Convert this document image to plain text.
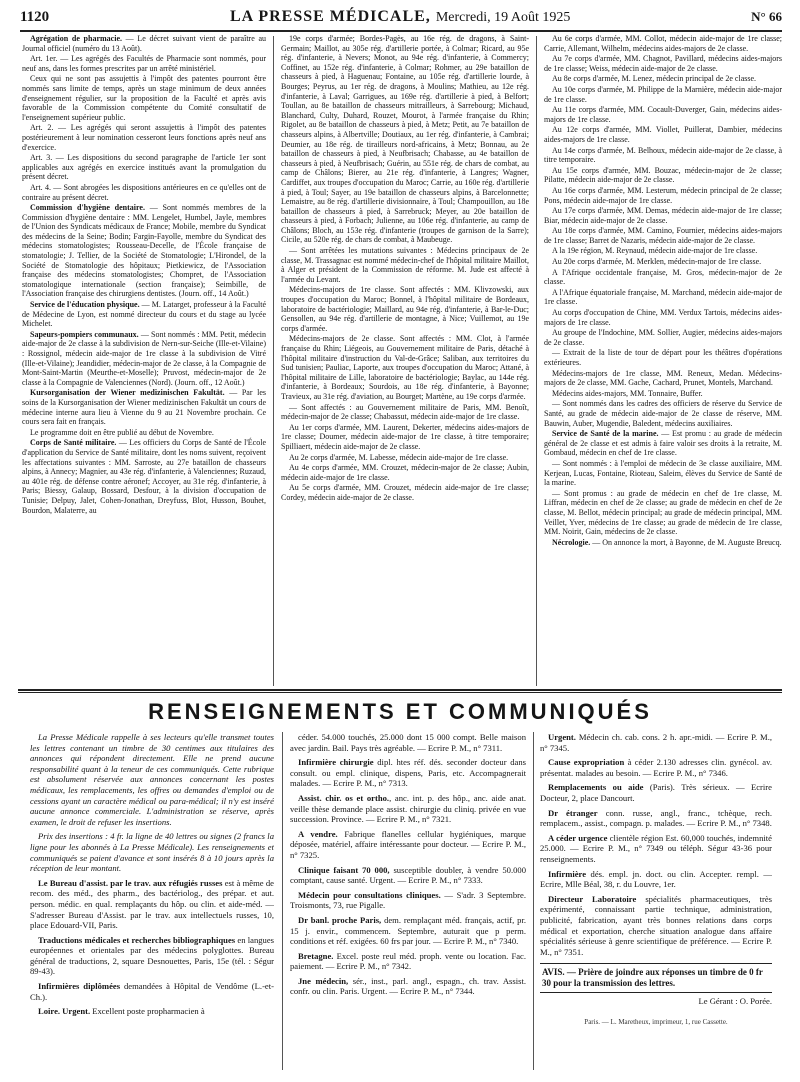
1120	LA PRESSE MÉDICALE, Mercredi, 19 Août 1925	N° 66

Agrégation de pharmacie. — Le décret suivant vient de paraître au Journal officiel (numéro du 13 Août).

Art. 1er. — Les agrégés des Facultés de Pharmacie sont nommés, pour neuf ans, dans les formes prescrites par un arrêté ministériel.

Ceux qui ne sont pas assujettis à l'impôt des patentes pourront être nommés sans limite de temps, après un stage minimum de deux années d'enseignement régulier, sur la proposition de la Faculté et après avis favorable de la Commission compétente du Comité consultatif de l'enseignement supérieur public.

Art. 2. — Les agrégés qui seront assujettis à l'impôt des patentes postérieurement à leur nomination cesseront leurs fonctions après neuf ans d'exercice.

Art. 3. — Les dispositions du second paragraphe de l'article 1er sont applicables aux agrégés en exercice institués avant la promulgation du présent décret.

Art. 4. — Sont abrogées les dispositions antérieures en ce qu'elles ont de contraire au présent décret.

Commission d'hygiène dentaire. — Sont nommés membres de la Commission d'hygiène dentaire : MM. Lengelet, Humbel, Jayle, membres de l'Union des Syndicats médicaux de France; Mobile, membre du Syndicat des médecins de la Seine; Bodin; Fargin-Fayolle, membre du Syndicat des médecins stomatologistes; Rousseau-Decelle, de l'École française de stomatologie; J. Tellier, de la Société de Stomatologie; L'Hirondel, de la Société de Stomatologie des hôpitaux; Pietkiewicz, de l'Association française des médecins stomatologistes; Chompret, de l'Association stomatologique internationale (section française); Seimbille, de l'Association française des chirurgiens dentistes. (Journ. off., 14 Août.)

Service de l'éducation physique. — M. Latarget, professeur à la Faculté de Médecine de Lyon, est nommé directeur du cours et du stage au lycée Michelet.

Sapeurs-pompiers communaux. — Sont nommés : MM. Petit, médecin aide-major de 2e classe à la subdivision de Nern-sur-Seiche (Ille-et-Vilaine) : Rossignol, médecin aide-major de 1re classe à la subdivision de Vitré (Ille-et-Vilaine); Jeandidier, médecin-major de 2e classe, à la Compagnie de Mont-Saint-Martin (Meurthe-et-Moselle); Pruvost, médecin-major de 2e classe à la Compagnie de Valenciennes (Nord). (Journ. off., 12 Août.)

Kursorganisation der Wiener medizinischen Fakultät. — Par les soins de la Kursorganisation der Wiener medizinischen Fakultät un cours de médecine interne aura lieu à Vienne du 9 au 21 Novembre prochain. Ce cours sera fait en français.

Le programme doit en être publié au début de Novembre.

Corps de Santé militaire. — Les officiers du Corps de Santé de l'École d'application du Service de Santé militaire, dont les noms suivent, reçoivent les affectations suivantes : MM. Sarroste, au 27e bataillon de chasseurs alpins, à Annecy; Magnier, au 43e rég. d'infanterie, à Valenciennes; Ruzaud, au 401e rég. de défense contre aéronef; Accoyer, au 31e rég. d'infanterie, à Paris; Biessy, Galaup, Bossard, Desfour, à la division d'occupation de Tunisie; Delpuy, Jalet, Cohen-Jonathan, Dreyfuss, Blot, Husson, Bouhet, Bourdon, Malaterre, au

19e corps d'armée; Bordes-Pagès, au 16e rég. de dragons, à Saint-Germain; Maillot, au 305e rég. d'artillerie portée, à Colmar; Ricard, au 95e rég. d'infanterie, à Nevers; Monot, au 94e rég. d'infanterie, à Commercy; Coffinet, au 152e rég. d'infanterie, à Colmar; Rohmer, au 29e bataillon de chasseurs à pied, à Haguenau; Fontaine, au 105e rég. d'artillerie lourde, à Bourges; Peyrus, au 1er rég. de dragons, à Moulins; Mathieu, au 12e rég. d'infanterie, à Laval; Garrigues, au 169e rég. d'artillerie à pied, à Belfort; Toullan, au 8e bataillon de chasseurs mitrailleurs, à Sarrebourg; Michaud, Blanchard, Culty, Duhard, Rouzet, Mourot, à l'armée française du Rhin; Rigolet, au 8e bataillon de chasseurs à pied, à Metz; Petit, au 7e bataillon de chasseurs alpins, à Albertville; Doutiaux, au 1er rég. d'infanterie, à Cambrai; Deumier, au 18e rég. de tirailleurs nord-africains, à Metz; Bonnau, au 2e bataillon de chasseurs à pied, à Neufbrisach; Chabasse, au 4e bataillon de chasseurs à pied, à Neufbrisach; Guérin, au 551e rég. de chars de combat, au camp de Châlons; Bierer, au 21e rég. d'infanterie, à Langres; Wagner, Cardiffet, aux troupes d'occupation du Maroc; Carrie, au 160e rég. d'artillerie à pied, à Toul; Sayer, au 19e bataillon de chasseurs alpins, à Barcelonnette; Lemaistre, au 8e rég. d'artillerie divisionnaire, à Toul; Champouillon, au 18e bataillon de chasseurs à pied, à Sarrebruck; Meyer, au 20e bataillon de chasseurs à pied, à Forbach; Julienne, au 106e rég. d'infanterie, au camp de Châlons; Bloch, au 153e rég. d'infanterie (troupes de garnison de la Sarre); Cicile, au 520e rég. de chars de combat, à Maubeuge.

— Sont arrêtées les mutations suivantes : Médecins principaux de 2e classe, M. Trassagnac est nommé médecin-chef de l'hôpital militaire Maillot, à Alger et président de la Commission de réforme. M. Jude est affecté à l'armée du Levant.

Médecins-majors de 1re classe. Sont affectés : MM. Klivzowski, aux troupes d'occupation du Maroc; Bonnel, à l'hôpital militaire de Bordeaux, laboratoire de bactériologie; Maillard, au 94e rég. d'infanterie, à Bar-le-Duc; Gensollen, au 94e rég. d'artillerie de montagne, à Nice; Vuillemot, au 19e corps d'armée.

Médecins-majors de 2e classe. Sont affectés : MM. Clot, à l'armée française du Rhin; Liégeois, au Gouvernement militaire de Paris, détaché à l'hôpital militaire d'instruction du Val-de-Grâce; Saliban, aux territoires du Sud tunisien; Pauliac, Laporte, aux troupes d'occupation du Maroc; Attané, à l'hôpital militaire de Lille, laboratoire de bactériologie; Baylac, au 144e rég. d'infanterie, à Bordeaux; Sourdois, au 18e rég. d'infanterie, à Bayonne; Travieux, au 31e rég. d'aviation, au Bourget; Martène, au 19e corps d'armée.

— Sont affectés : au Gouvernement militaire de Paris, MM. Benoît, médecin-major de 2e classe; Chabassut, médecin aide-major de 1re classe.

Au 1er corps d'armée, MM. Laurent, Dekerter, médecins aides-majors de 1re classe; Doumer, médecin aide-major de 1re classe, à titre temporaire; Spilliaert, médecin aide-major de 2e classe.

Au 2e corps d'armée, M. Labesse, médecin aide-major de 1re classe.

Au 4e corps d'armée, MM. Crouzet, médecin-major de 2e classe; Aubin, médecin aide-major de 1re classe.

Au 5e corps d'armée, MM. Crouzet, médecin aide-major de 1re classe; Cordey, médecin aide-major de 2e classe.

Au 6e corps d'armée, MM. Collot, médecin aide-major de 1re classe; Carrie, Allemant, Wilhelm, médecins aides-majors de 2e classe.

Au 7e corps d'armée, MM. Chagnot, Pavillard, médecins aides-majors de 1re classe; Weiss, médecin aide-major de 2e classe.

Au 8e corps d'armée, M. Lenez, médecin principal de 2e classe.

Au 10e corps d'armée, M. Philippe de la Marnière, médecin aide-major de 1re classe.

Au 11e corps d'armée, MM. Cocault-Duverger, Gain, médecins aides-majors de 1re classe.

Au 12e corps d'armée, MM. Viollet, Puillerat, Dambier, médecins aides-majors de 1re classe.

Au 14e corps d'armée, M. Belhoux, médecin aide-major de 2e classe, à titre temporaire.

Au 15e corps d'armée, MM. Bouzac, médecin-major de 2e classe; Pilatte, médecin aide-major de 2e classe.

Au 16e corps d'armée, MM. Lesterum, médecin principal de 2e classe; Pons, médecin aide-major de 1re classe.

Au 17e corps d'armée, MM. Demas, médecin aide-major de 1re classe; Biar, médecin aide-major de 2e classe.

Au 18e corps d'armée, MM. Camino, Fournier, médecins aides-majors de 1re classe; Barret de Nazaris, médecin aide-major de 2e classe.

A la 19e région, M. Reynaud, médecin aide-major de 1re classe.

Au 20e corps d'armée, M. Merklen, médecin-major de 1re classe.

A l'Afrique occidentale française, M. Gros, médecin-major de 2e classe.

A l'Afrique équatoriale française, M. Marchand, médecin aide-major de 1re classe.

Au corps d'occupation de Chine, MM. Verdux Tartois, médecins aides-majors de 1re classe.

Au groupe de l'Indochine, MM. Sollier, Augier, médecins aides-majors de 2e classe.

— Extrait de la liste de tour de départ pour les théâtres d'opérations extérieures.

Médecins-majors de 1re classe, MM. Reneux, Medan. Médecins-majors de 2e classe, MM. Gache, Cachard, Prunet, Montels, Marchand.

Médecins aides-majors, MM. Tonnaire, Buffer.

— Sont nommés dans les cadres des officiers de réserve du Service de Santé, au grade de médecin aide-major de 2e classe de réserve, MM. Bauwin, Auber, Mugendie, Baledent, médecins auxiliaires.

Service de Santé de la marine. — Est promu : au grade de médecin général de 2e classe et est admis à faire valoir ses droits à la retraite, M. Gombaud, médecin en chef de 1re classe.

— Sont nommés : à l'emploi de médecin de 3e classe auxiliaire, MM. Kerjean, Lucas, Fontaine, Rioteau, Saleim, élèves du Service de Santé de la marine.

— Sont promus : au grade de médecin en chef de 1re classe, M. Liffran, médecin en chef de 2e classe; au grade de médecin en chef de 2e classe, M. Bellot, médecin principal; au grade de médecin principal, MM. Veillet, Yver, médecins de 1re classe; au grade de médecin de 1re classe, MM. Noirit, Gain, médecins de 2e classe.

Nécrologie. — On annonce la mort, à Bayonne, de M. Auguste Breucq.

RENSEIGNEMENTS ET COMMUNIQUÉS

La Presse Médicale rappelle à ses lecteurs qu'elle transmet toutes les lettres contenant un timbre de 30 centimes aux titulaires des annonces qui répondent directement. Elle ne prend aucune responsabilité quant à la teneur de ces communiqués. Cette rubrique est absolument réservée aux annonces concernant les postes médicaux, les remplacements, les offres ou demandes d'emploi ou de cessions ayant un caractère médical ou para-médical; il n'y est inséré aucune annonce commerciale. L'administration se réserve, après examen, le droit de refuser les insertions.

Prix des insertions : 4 fr. la ligne de 40 lettres ou signes (2 francs la ligne pour les abonnés à La Presse Médicale). Les renseignements et communiqués se paient d'avance et sont insérés 8 à 10 jours après la réception de leur montant.

Le Bureau d'assist. par le trav. aux réfugiés russes est à même de recom. des méd., des pharm., des bactériolog., des prépar. et aut. person. médic. en qual. remplaçants du hôp. ou clin. et aide-méd. — S'adresser Bureau d'Assist. par le trav. aux intellectuels russes, 10, place Edouard-VII, Paris.

Traductions médicales et recherches bibliographiques en langues européennes et orientales par des médecins polyglottes. Bureau général de traductions, 2, square Desnouettes, Paris, 15e (tél. : Ségur 89-43).

Infirmières diplômées demandées à Hôpital de Vendôme (L.-et-Ch.).

Loire. Urgent. Excellent poste propharmacien à

céder. 54.000 touchés, 25.000 dont 15 000 compt. Belle maison avec jardin. Bail. Pays très agréable. — Ecrire P. M., n° 7311.

Infirmière chirurgie dipl. htes réf. dés. seconder docteur dans consult. ou empl. clinique, dispens, Paris, etc. Accompagnerait malades. — Ecrire P. M., n° 7313.

Assist. chir. os et ortho., anc. int. p. des hôp., anc. aide anat. veille thèse demande place assist. chirurgie du cliniq. privée en vue succession. Province. — Ecrire P. M., n° 7321.

A vendre. Fabrique flanelles cellular hygiéniques, marque déposée, matériel, affaire intéressante pour docteur. — Ecrire P. M., n° 7325.

Clinique faisant 70 000, susceptible doubler, à vendre 50.000 comptant, cause santé. Urgent. — Ecrire P. M., n° 7333.

Médecin pour consultations cliniques. — S'adr. 3 Septembre. Troismonts, 73, rue Pigalle.

Dr banl. proche Paris, dem. remplaçant méd. français, actif, pr. 15 j. envir., commencem. Septembre, auturait que p perm. conditions et réf. exigées. 60 frs par jour. — Ecrire P. M., n° 7340.

Bretagne. Excel. poste reul méd. proph. vente ou location. Fac. paiement. — Ecrire P. M., n° 7342.

Jne médecin, sér., inst., parl. angl., espagn., ch. trav. Assist. confr. ou clin. Paris. Urgent. — Ecrire P. M., n° 7344.

Urgent. Médecin ch. cab. cons. 2 h. apr.-midi. — Ecrire P. M., n° 7345.

Cause expropriation à céder 2.130 adresses clin. gynécol. av. présentat. malades au besoin. — Ecrire P. M., n° 7346.

Remplacements ou aide (Paris). Très sérieux. — Ecrire Docteur, 2, place Dancourt.

Dr étranger conn. russe, angl., franc., tchèque, rech. remplacem., assist., compagn. p. malades. — Ecrire P. M., n° 7348.

A céder urgence clientèle région Est. 60,000 touchés, indemnité 25.000. — Ecrire P. M., n° 7349 ou téléph. Ségur 43-36 pour renseignements.

Infirmière dés. empl. jn. doct. ou clin. Accepter. rempl. — Ecrire, Mlle Béal, 38, r. du Louvre, 1er.

Directeur Laboratoire spécialités pharmaceutiques, très expérimenté, connaissant partie technique, administration, publicité, fabrication, ayant très bonnes relations dans corps médical et exportation, cherche situation analogue dans affaire spécialités sérieuse à genre scientifique de préférence. — Ecrire P. M., n° 7351.

AVIS. — Prière de joindre aux réponses un timbre de 0 fr 30 pour la transmission des lettres.
Le Gérant : O. Porée.
Paris. — L. Maretheux, imprimeur, 1, rue Cassette.
